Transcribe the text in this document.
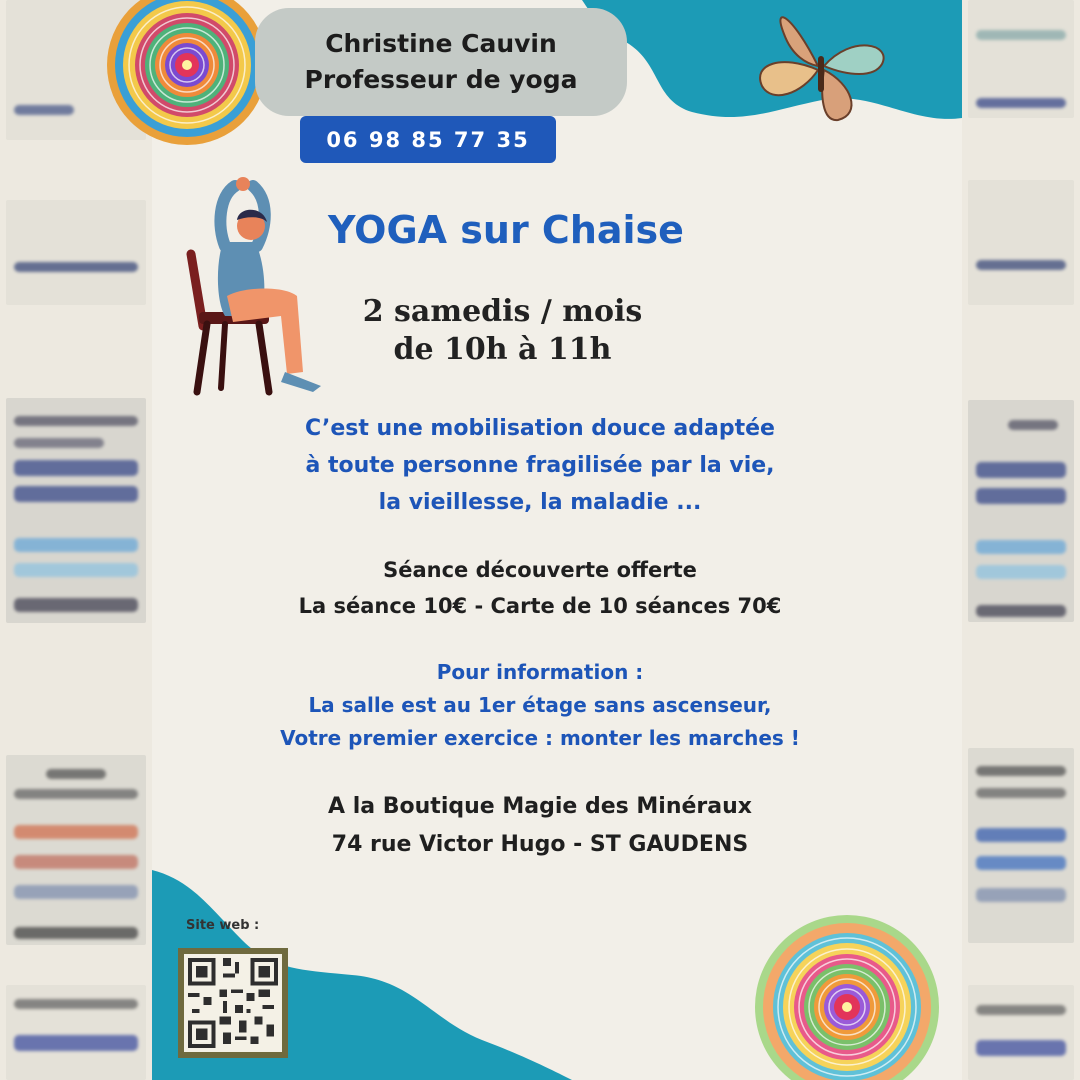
Christine Cauvin
Professeur de yoga
06 98 85 77 35
YOGA sur Chaise
2 samedis / mois
de 10h à 11h
C’est une mobilisation douce adaptée
à toute personne fragilisée par la vie,
la vieillesse, la maladie ...
Séance découverte offerte
La séance 10€ - Carte de 10 séances 70€
Pour information :
La salle est au 1er étage sans ascenseur,
Votre premier exercice : monter les marches !
A la Boutique Magie des Minéraux
74 rue Victor Hugo - ST GAUDENS
Site web :
